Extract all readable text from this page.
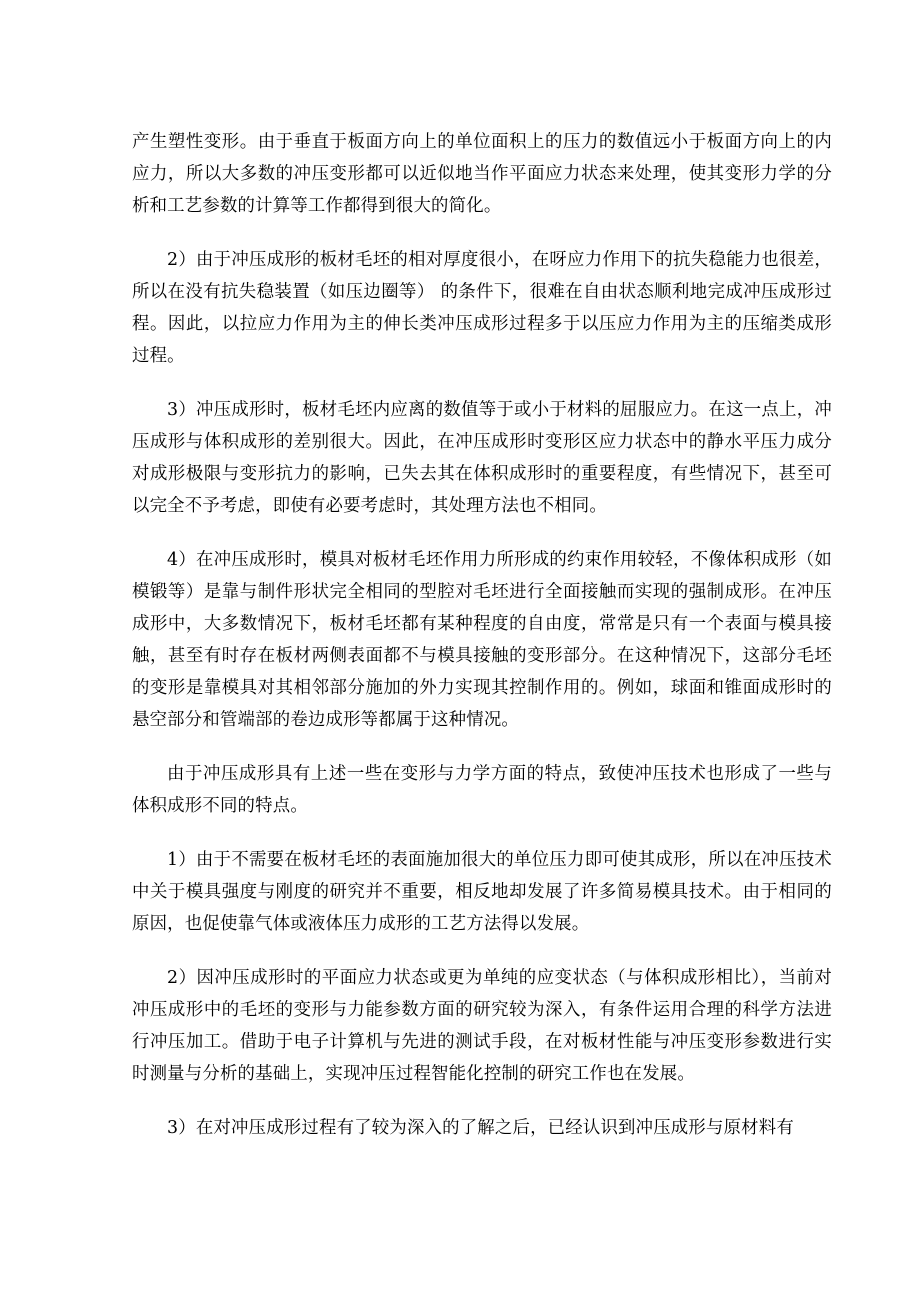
产生塑性变形。由于垂直于板面方向上的单位面积上的压力的数值远小于板面方向上的内应力，所以大多数的冲压变形都可以近似地当作平面应力状态来处理，使其变形力学的分析和工艺参数的计算等工作都得到很大的简化。

2）由于冲压成形的板材毛坯的相对厚度很小，在呀应力作用下的抗失稳能力也很差，所以在没有抗失稳装置（如压边圈等） 的条件下，很难在自由状态顺利地完成冲压成形过程。因此，以拉应力作用为主的伸长类冲压成形过程多于以压应力作用为主的压缩类成形过程。

3）冲压成形时，板材毛坯内应离的数值等于或小于材料的屈服应力。在这一点上，冲压成形与体积成形的差别很大。因此，在冲压成形时变形区应力状态中的静水平压力成分对成形极限与变形抗力的影响，已失去其在体积成形时的重要程度，有些情况下，甚至可以完全不予考虑，即使有必要考虑时，其处理方法也不相同。

4）在冲压成形时，模具对板材毛坯作用力所形成的约束作用较轻，不像体积成形（如模锻等）是靠与制件形状完全相同的型腔对毛坯进行全面接触而实现的强制成形。在冲压成形中，大多数情况下，板材毛坯都有某种程度的自由度，常常是只有一个表面与模具接触，甚至有时存在板材两侧表面都不与模具接触的变形部分。在这种情况下，这部分毛坯的变形是靠模具对其相邻部分施加的外力实现其控制作用的。例如，球面和锥面成形时的悬空部分和管端部的卷边成形等都属于这种情况。

由于冲压成形具有上述一些在变形与力学方面的特点，致使冲压技术也形成了一些与体积成形不同的特点。

1）由于不需要在板材毛坯的表面施加很大的单位压力即可使其成形，所以在冲压技术中关于模具强度与刚度的研究并不重要，相反地却发展了许多简易模具技术。由于相同的原因，也促使靠气体或液体压力成形的工艺方法得以发展。

2）因冲压成形时的平面应力状态或更为单纯的应变状态（与体积成形相比），当前对冲压成形中的毛坯的变形与力能参数方面的研究较为深入，有条件运用合理的科学方法进行冲压加工。借助于电子计算机与先进的测试手段，在对板材性能与冲压变形参数进行实时测量与分析的基础上，实现冲压过程智能化控制的研究工作也在发展。

3）在对冲压成形过程有了较为深入的了解之后，已经认识到冲压成形与原材料有
